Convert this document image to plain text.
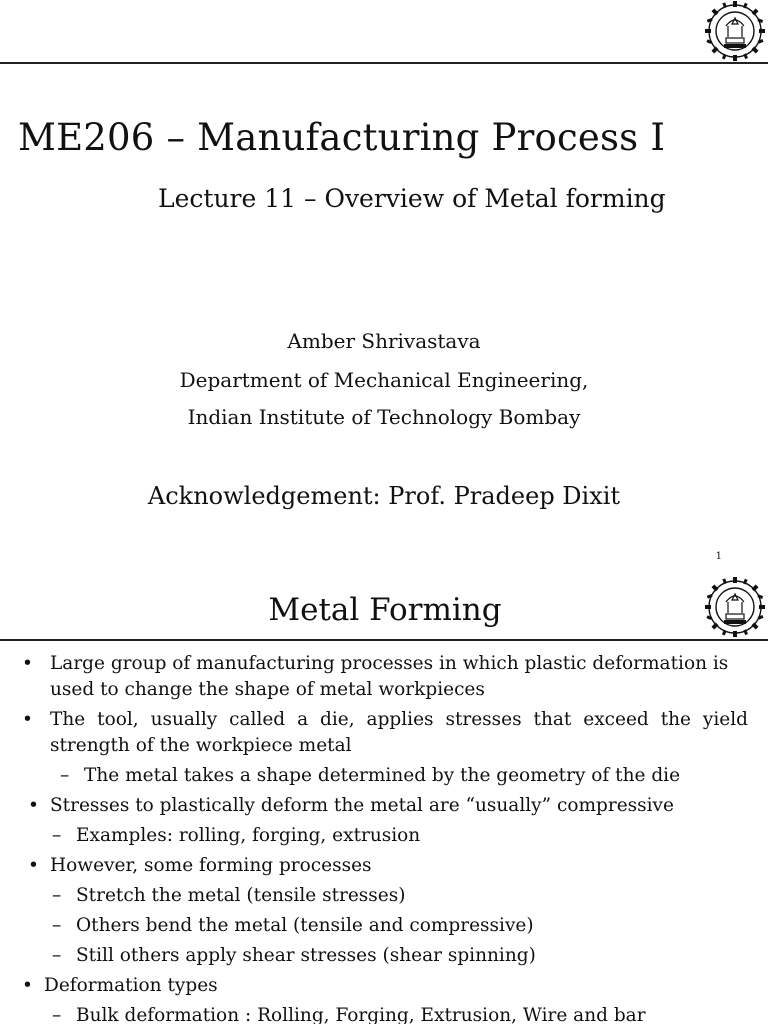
ME206 – Manufacturing Process I
Lecture 11 – Overview of Metal forming
Amber Shrivastava
Department of Mechanical Engineering,
Indian Institute of Technology Bombay
Acknowledgement: Prof. Pradeep Dixit
1
Metal Forming
• Large group of manufacturing processes in which plastic deformation is used to change the shape of metal workpieces
• The tool, usually called a die, applies stresses that exceed the yield strength of the workpiece metal
– The metal takes a shape determined by the geometry of the die
• Stresses to plastically deform the metal are “usually” compressive
– Examples: rolling, forging, extrusion
• However, some forming processes
– Stretch the metal (tensile stresses)
– Others bend the metal (tensile and compressive)
– Still others apply shear stresses (shear spinning)
• Deformation types
– Bulk deformation : Rolling, Forging, Extrusion, Wire and bar
